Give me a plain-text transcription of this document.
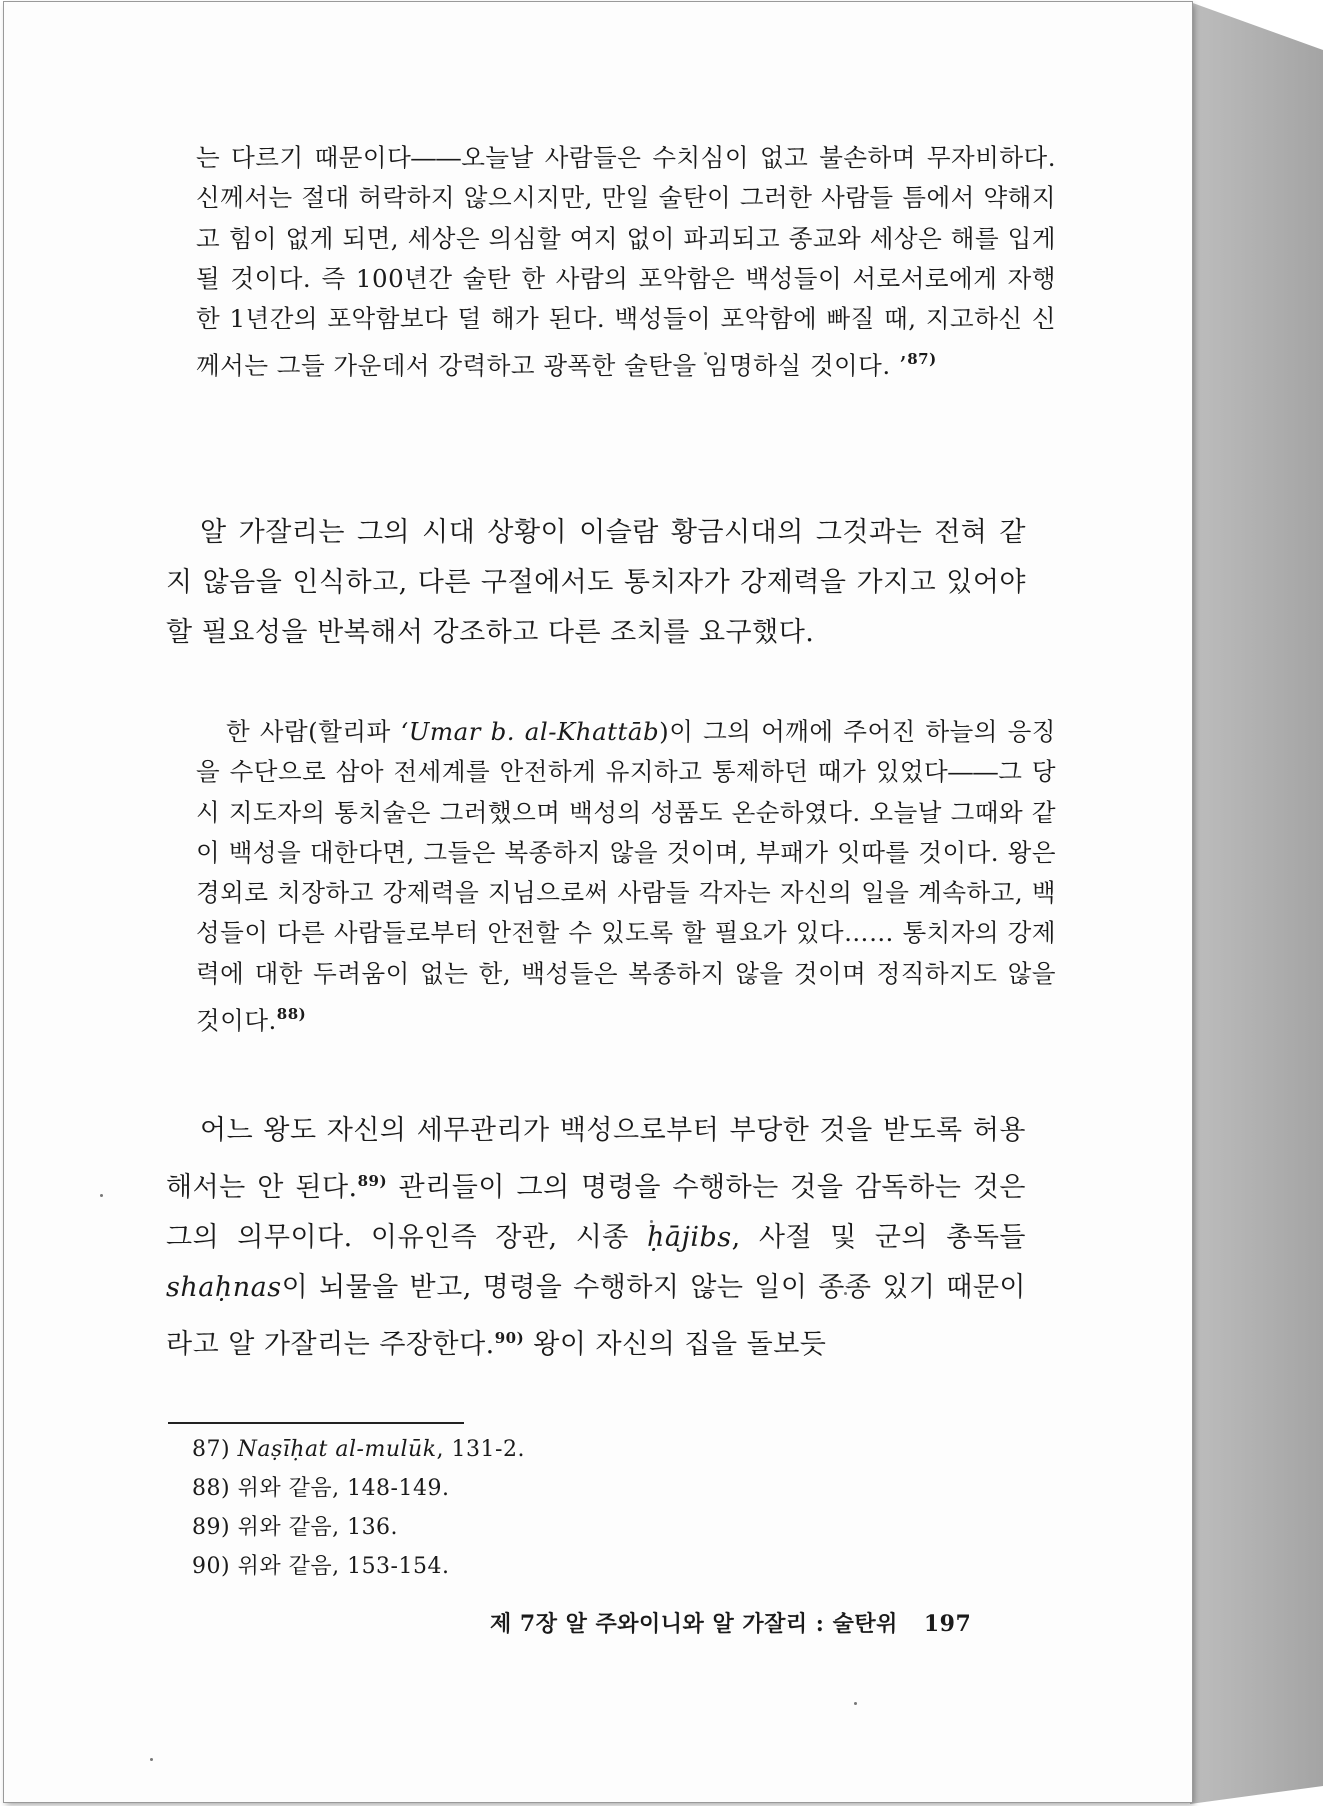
는 다르기 때문이다――오늘날 사람들은 수치심이 없고 불손하며 무자비하다. 신께서는 절대 허락하지 않으시지만, 만일 술탄이 그러한 사람들 틈에서 약해지고 힘이 없게 되면, 세상은 의심할 여지 없이 파괴되고 종교와 세상은 해를 입게 될 것이다. 즉 100년간 술탄 한 사람의 포악함은 백성들이 서로서로에게 자행한 1년간의 포악함보다 덜 해가 된다. 백성들이 포악함에 빠질 때, 지고하신 신께서는 그들 가운데서 강력하고 광폭한 술탄을 임명하실 것이다. ’$^{87)}$

알 가잘리는 그의 시대 상황이 이슬람 황금시대의 그것과는 전혀 같지 않음을 인식하고, 다른 구절에서도 통치자가 강제력을 가지고 있어야 할 필요성을 반복해서 강조하고 다른 조치를 요구했다.

한 사람(할리파 ‘Umar b. al-Khattāb)이 그의 어깨에 주어진 하늘의 응징을 수단으로 삼아 전세계를 안전하게 유지하고 통제하던 때가 있었다――그 당시 지도자의 통치술은 그러했으며 백성의 성품도 온순하였다. 오늘날 그때와 같이 백성을 대한다면, 그들은 복종하지 않을 것이며, 부패가 잇따를 것이다. 왕은 경외로 치장하고 강제력을 지님으로써 사람들 각자는 자신의 일을 계속하고, 백성들이 다른 사람들로부터 안전할 수 있도록 할 필요가 있다…… 통치자의 강제력에 대한 두려움이 없는 한, 백성들은 복종하지 않을 것이며 정직하지도 않을 것이다.$^{88)}$

어느 왕도 자신의 세무관리가 백성으로부터 부당한 것을 받도록 허용해서는 안 된다.$^{89)}$ 관리들이 그의 명령을 수행하는 것을 감독하는 것은 그의 의무이다. 이유인즉 장관, 시종 ḥājibs, 사절 및 군의 총독들 shaḥnas이 뇌물을 받고, 명령을 수행하지 않는 일이 종종 있기 때문이라고 알 가잘리는 주장한다.$^{90)}$ 왕이 자신의 집을 돌보듯

87) Naṣīḥat al-mulūk, 131-2.
88) 위와 같음, 148-149.
89) 위와 같음, 136.
90) 위와 같음, 153-154.
제 7장 알 주와이니와 알 가잘리 : 술탄위 197
